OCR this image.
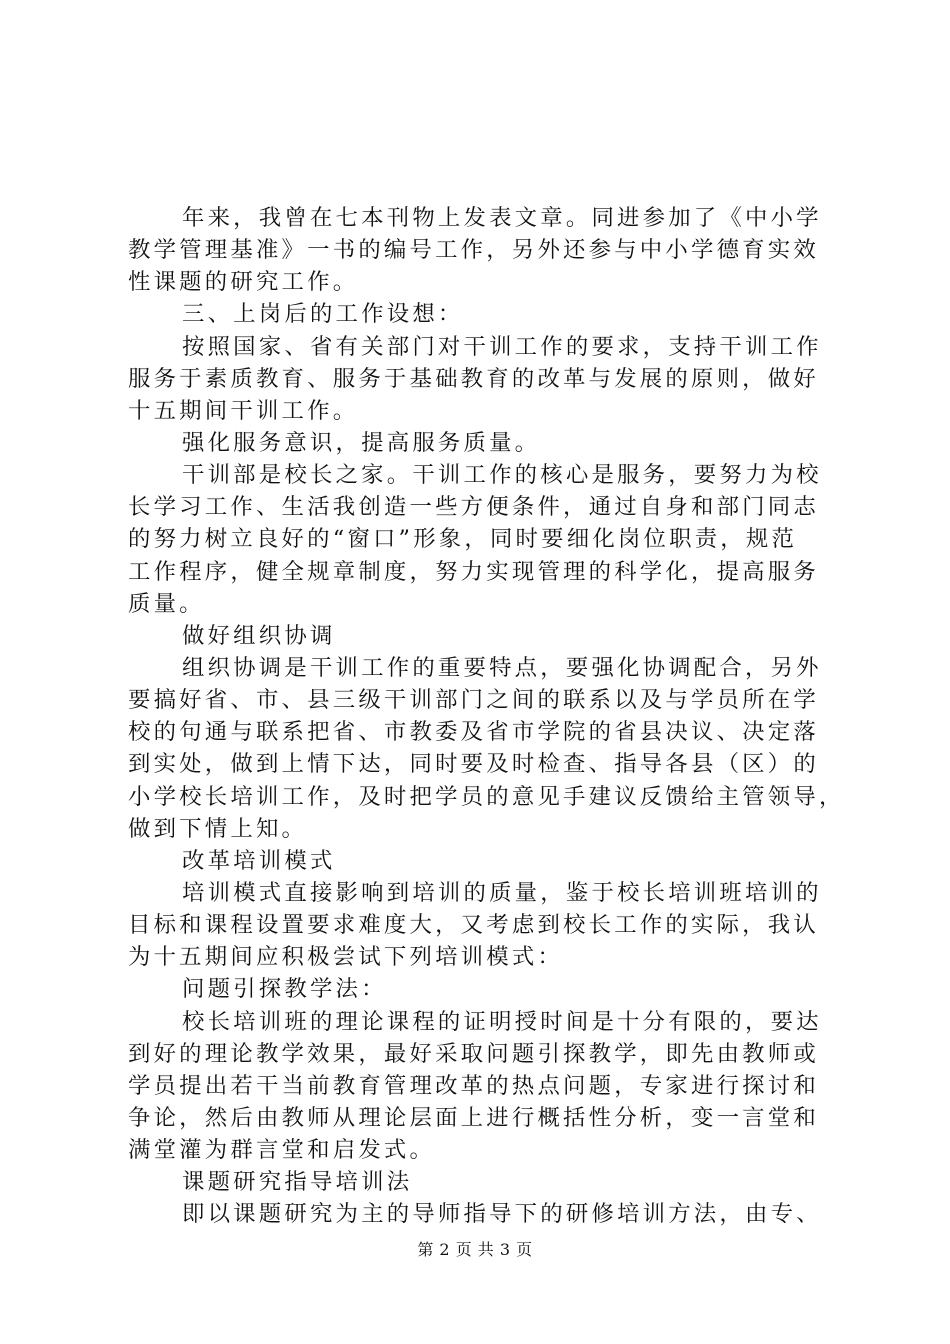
年来，我曾在七本刊物上发表文章。同进参加了《中小学
教学管理基准》一书的编号工作，另外还参与中小学德育实效
性课题的研究工作。
三、上岗后的工作设想：
按照国家、省有关部门对干训工作的要求，支持干训工作
服务于素质教育、服务于基础教育的改革与发展的原则，做好
十五期间干训工作。
强化服务意识，提高服务质量。
干训部是校长之家。干训工作的核心是服务，要努力为校
长学习工作、生活我创造一些方便条件，通过自身和部门同志
的努力树立良好的“窗口”形象，同时要细化岗位职责，规范
工作程序，健全规章制度，努力实现管理的科学化，提高服务
质量。
做好组织协调
组织协调是干训工作的重要特点，要强化协调配合，另外
要搞好省、市、县三级干训部门之间的联系以及与学员所在学
校的句通与联系把省、市教委及省市学院的省县决议、决定落
到实处，做到上情下达，同时要及时检查、指导各县（区）的
小学校长培训工作，及时把学员的意见手建议反馈给主管领导，
做到下情上知。
改革培训模式
培训模式直接影响到培训的质量，鉴于校长培训班培训的
目标和课程设置要求难度大，又考虑到校长工作的实际，我认
为十五期间应积极尝试下列培训模式：
问题引探教学法：
校长培训班的理论课程的证明授时间是十分有限的，要达
到好的理论教学效果，最好采取问题引探教学，即先由教师或
学员提出若干当前教育管理改革的热点问题，专家进行探讨和
争论，然后由教师从理论层面上进行概括性分析，变一言堂和
满堂灌为群言堂和启发式。
课题研究指导培训法
即以课题研究为主的导师指导下的研修培训方法，由专、
第 2 页 共 3 页
